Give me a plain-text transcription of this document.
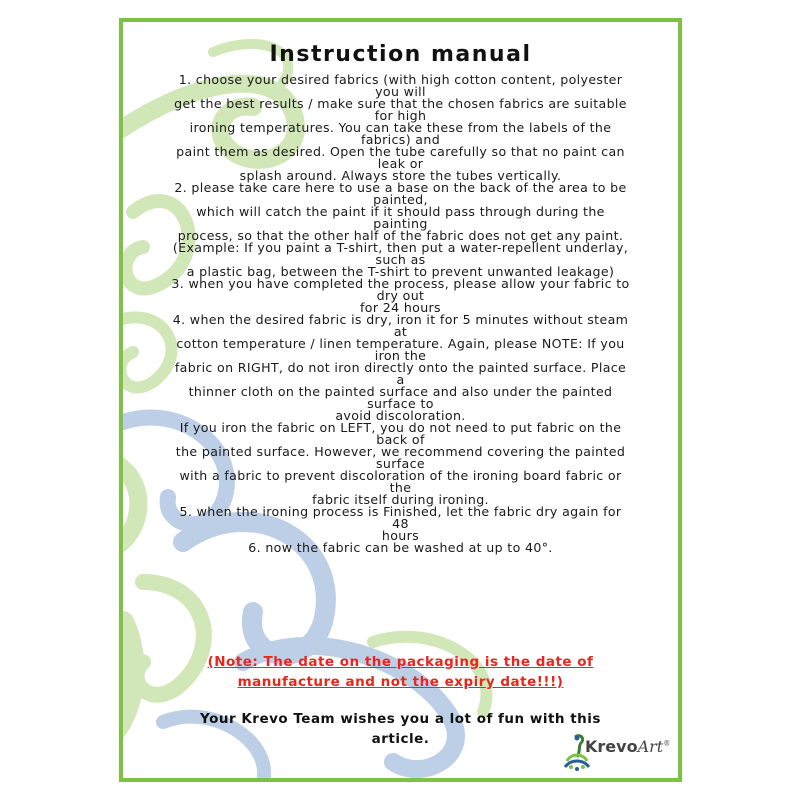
Instruction manual
1. choose your desired fabrics (with high cotton content, polyester
you will
get the best results / make sure that the chosen fabrics are suitable
for high
ironing temperatures. You can take these from the labels of the
fabrics) and
paint them as desired. Open the tube carefully so that no paint can
leak or
splash around. Always store the tubes vertically.
2. please take care here to use a base on the back of the area to be
painted,
which will catch the paint if it should pass through during the
painting
process, so that the other half of the fabric does not get any paint.
(Example: If you paint a T-shirt, then put a water-repellent underlay,
such as
a plastic bag, between the T-shirt to prevent unwanted leakage)
3. when you have completed the process, please allow your fabric to
dry out
for 24 hours
4. when the desired fabric is dry, iron it for 5 minutes without steam
at
cotton temperature / linen temperature. Again, please NOTE: If you
iron the
fabric on RIGHT, do not iron directly onto the painted surface. Place
a
thinner cloth on the painted surface and also under the painted
surface to
avoid discoloration.
If you iron the fabric on LEFT, you do not need to put fabric on the
back of
the painted surface. However, we recommend covering the painted
surface
with a fabric to prevent discoloration of the ironing board fabric or
the
fabric itself during ironing.
5. when the ironing process is Finished, let the fabric dry again for
48
hours
6. now the fabric can be washed at up to 40°.
(Note: The date on the packaging is the date of
manufacture and not the expiry date!!!)
Your Krevo Team wishes you a lot of fun with this
article.	KrevoArt®
